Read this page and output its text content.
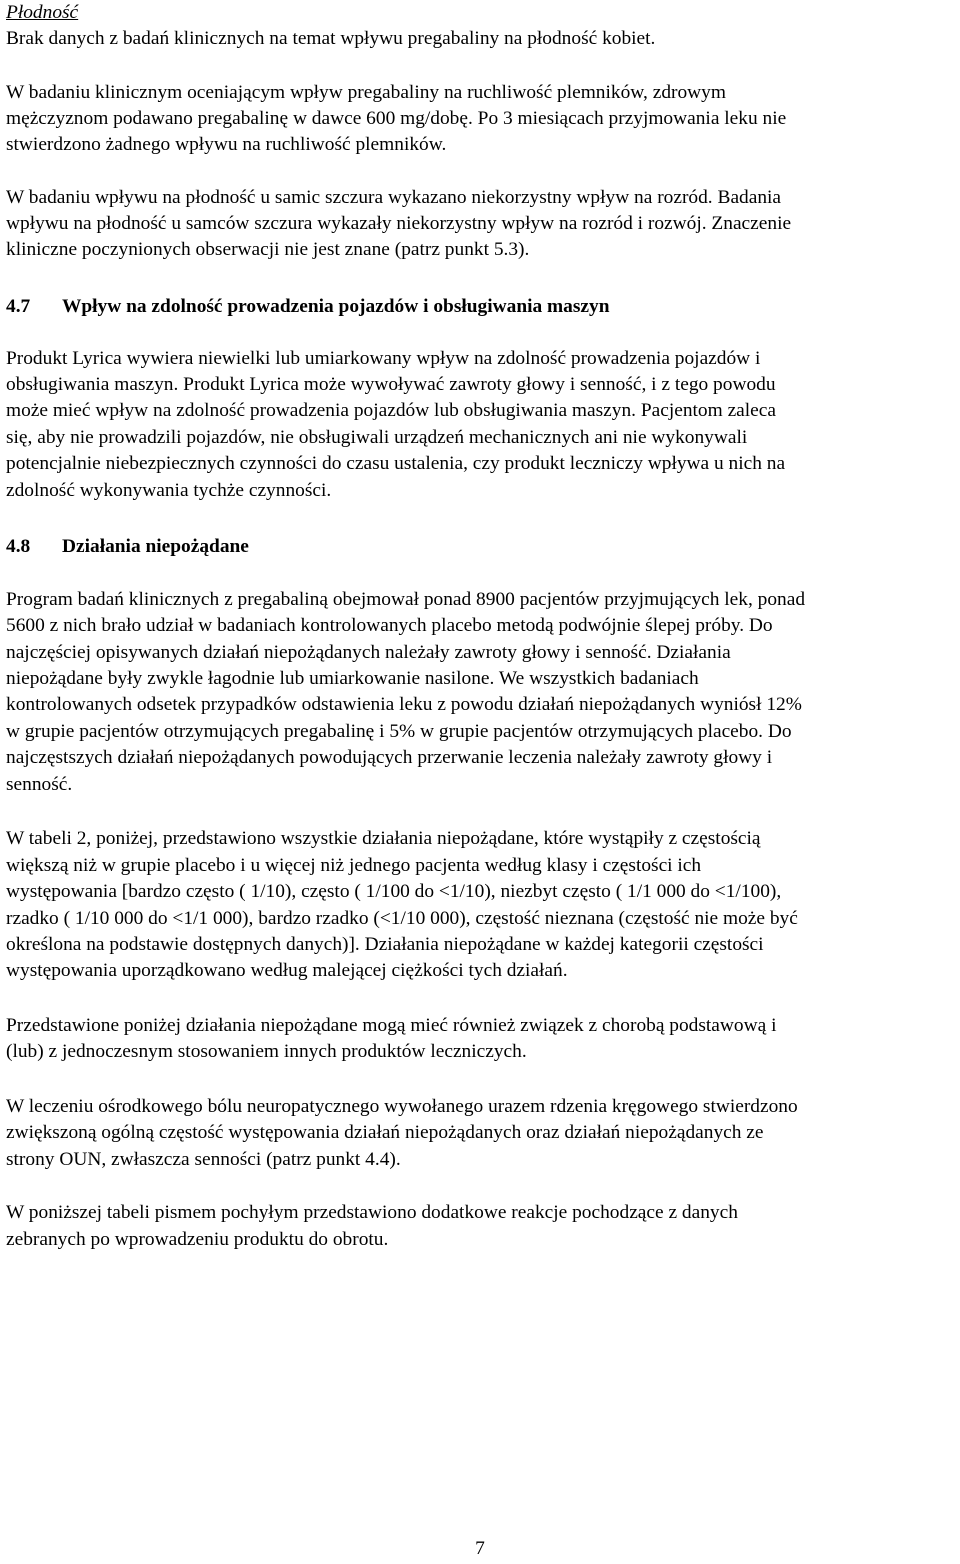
Płodność
Brak danych z badań klinicznych na temat wpływu pregabaliny na płodność kobiet.
W badaniu klinicznym oceniającym wpływ pregabaliny na ruchliwość plemników, zdrowym
mężczyznom podawano pregabalinę w dawce 600 mg/dobę. Po 3 miesiącach przyjmowania leku nie
stwierdzono żadnego wpływu na ruchliwość plemników.
W badaniu wpływu na płodność u samic szczura wykazano niekorzystny wpływ na rozród. Badania
wpływu na płodność u samców szczura wykazały niekorzystny wpływ na rozród i rozwój. Znaczenie
kliniczne poczynionych obserwacji nie jest znane (patrz punkt 5.3).
4.7 Wpływ na zdolność prowadzenia pojazdów i obsługiwania maszyn
Produkt Lyrica wywiera niewielki lub umiarkowany wpływ na zdolność prowadzenia pojazdów i
obsługiwania maszyn. Produkt Lyrica może wywoływać zawroty głowy i senność, i z tego powodu
może mieć wpływ na zdolność prowadzenia pojazdów lub obsługiwania maszyn. Pacjentom zaleca
się, aby nie prowadzili pojazdów, nie obsługiwali urządzeń mechanicznych ani nie wykonywali
potencjalnie niebezpiecznych czynności do czasu ustalenia, czy produkt leczniczy wpływa u nich na
zdolność wykonywania tychże czynności.
4.8 Działania niepożądane
Program badań klinicznych z pregabaliną obejmował ponad 8900 pacjentów przyjmujących lek, ponad
5600 z nich brało udział w badaniach kontrolowanych placebo metodą podwójnie ślepej próby. Do
najczęściej opisywanych działań niepożądanych należały zawroty głowy i senność. Działania
niepożądane były zwykle łagodnie lub umiarkowanie nasilone. We wszystkich badaniach
kontrolowanych odsetek przypadków odstawienia leku z powodu działań niepożądanych wyniósł 12%
w grupie pacjentów otrzymujących pregabalinę i 5% w grupie pacjentów otrzymujących placebo. Do
najczęstszych działań niepożądanych powodujących przerwanie leczenia należały zawroty głowy i
senność.
W tabeli 2, poniżej, przedstawiono wszystkie działania niepożądane, które wystąpiły z częstością
większą niż w grupie placebo i u więcej niż jednego pacjenta według klasy i częstości ich
występowania [bardzo często ( 1/10), często ( 1/100 do <1/10), niezbyt często ( 1/1 000 do <1/100),
rzadko ( 1/10 000 do <1/1 000), bardzo rzadko (<1/10 000), częstość nieznana (częstość nie może być
określona na podstawie dostępnych danych)]. Działania niepożądane w każdej kategorii częstości
występowania uporządkowano według malejącej ciężkości tych działań.
Przedstawione poniżej działania niepożądane mogą mieć również związek z chorobą podstawową i
(lub) z jednoczesnym stosowaniem innych produktów leczniczych.
W leczeniu ośrodkowego bólu neuropatycznego wywołanego urazem rdzenia kręgowego stwierdzono
zwiększoną ogólną częstość występowania działań niepożądanych oraz działań niepożądanych ze
strony OUN, zwłaszcza senności (patrz punkt 4.4).
W poniższej tabeli pismem pochyłym przedstawiono dodatkowe reakcje pochodzące z danych
zebranych po wprowadzeniu produktu do obrotu.
7
